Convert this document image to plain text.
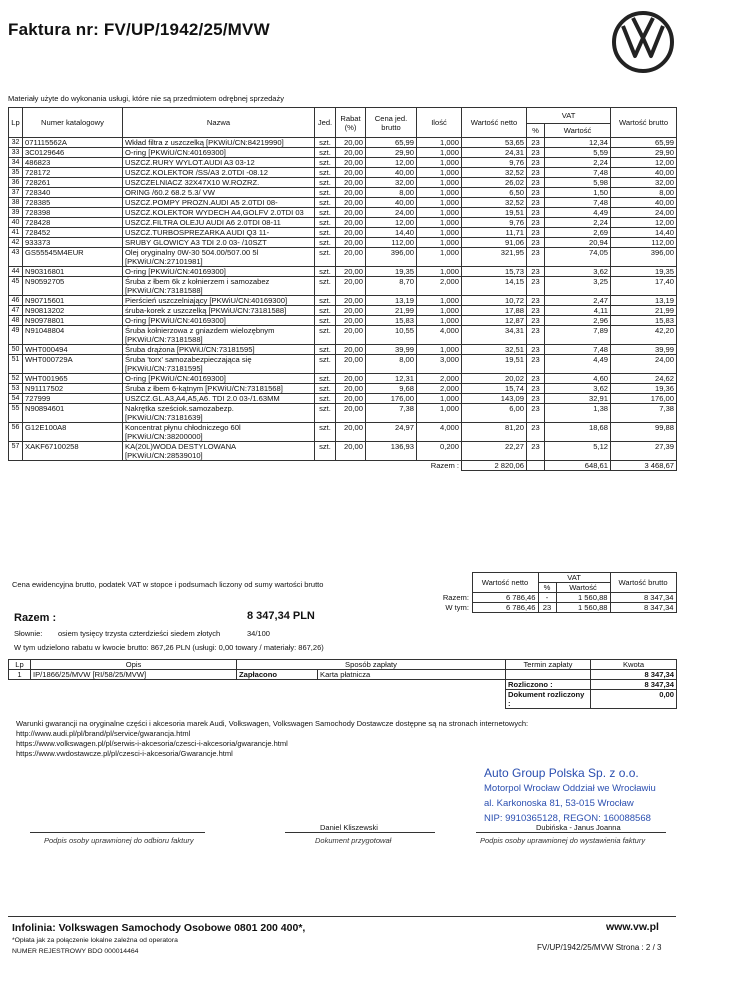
Faktura nr: FV/UP/1942/25/MVW
Materiały użyte do wykonania usługi, które nie są przedmiotem odrębnej sprzedaży
Lp	Numer katalogowy	Nazwa	Jed.	Rabat (%)	Cena jed. brutto	Ilość	Wartość netto	VAT		Wartość brutto
								%	Wartość	
32	071115562A	Wkład filtra z uszczelką [PKWiU/CN:84219990]	szt.	20,00	65,99	1,000	53,65	23	12,34	65,99
33	3C0129646	O-ring [PKWiU/CN:40169300]	szt.	20,00	29,90	1,000	24,31	23	5,59	29,90
34	486823	USZCZ.RURY WYLOT.AUDI A3 03-12	szt.	20,00	12,00	1,000	9,76	23	2,24	12,00
35	728172	USZCZ.KOLEKTOR /SS/A3 2.0TDI -08.12	szt.	20,00	40,00	1,000	32,52	23	7,48	40,00
36	728261	USZCZELNIACZ 32X47X10 W.ROZRZ.	szt.	20,00	32,00	1,000	26,02	23	5,98	32,00
37	728340	ORING /60.2 68.2 5.3/ VW	szt.	20,00	8,00	1,000	6,50	23	1,50	8,00
38	728385	USZCZ.POMPY PROZN.AUDI A5 2.0TDI 08-	szt.	20,00	40,00	1,000	32,52	23	7,48	40,00
39	728398	USZCZ.KOLEKTOR WYDECH A4,GOLFV 2.0TDI 03	szt.	20,00	24,00	1,000	19,51	23	4,49	24,00
40	728428	USZCZ.FILTRA OLEJU AUDI A6 2.0TDI 08-11	szt.	20,00	12,00	1,000	9,76	23	2,24	12,00
41	728452	USZCZ.TURBOSPREZARKA AUDI Q3 11-	szt.	20,00	14,40	1,000	11,71	23	2,69	14,40
42	933373	SRUBY GLOWICY A3 TDI 2.0 03- /10SZT	szt.	20,00	112,00	1,000	91,06	23	20,94	112,00
43	GS55545M4EUR	Olej oryginalny 0W-30 504.00/507.00 5l [PKWiU/CN:27101981]	szt.	20,00	396,00	1,000	321,95	23	74,05	396,00
44	N90316801	O-ring [PKWiU/CN:40169300]	szt.	20,00	19,35	1,000	15,73	23	3,62	19,35
45	N90592705	Śruba z łbem 6k z kołnierzem i samozabez [PKWiU/CN:73181588]	szt.	20,00	8,70	2,000	14,15	23	3,25	17,40
46	N90715601	Pierścień uszczelniający [PKWiU/CN:40169300]	szt.	20,00	13,19	1,000	10,72	23	2,47	13,19
47	N90813202	śruba-korek z uszczelką [PKWiU/CN:73181588]	szt.	20,00	21,99	1,000	17,88	23	4,11	21,99
48	N90978801	O-ring [PKWiU/CN:40169300]	szt.	20,00	15,83	1,000	12,87	23	2,96	15,83
49	N91048804	Śruba kołnierzowa z gniazdem wielozębnym [PKWiU/CN:73181588]	szt.	20,00	10,55	4,000	34,31	23	7,89	42,20
50	WHT000494	Śruba drążona [PKWiU/CN:73181595]	szt.	20,00	39,99	1,000	32,51	23	7,48	39,99
51	WHT000729A	Śruba 'torx' samozabezpieczająca się [PKWiU/CN:73181595]	szt.	20,00	8,00	3,000	19,51	23	4,49	24,00
52	WHT001965	O-ring [PKWiU/CN:40169300]	szt.	20,00	12,31	2,000	20,02	23	4,60	24,62
53	N91117502	Śruba z łbem 6-kątnym [PKWiU/CN:73181568]	szt.	20,00	9,68	2,000	15,74	23	3,62	19,36
54	727999	USZCZ.GL.A3,A4,A5,A6. TDI 2.0 03-/1.63MM	szt.	20,00	176,00	1,000	143,09	23	32,91	176,00
55	N90894601	Nakrętka sześciok.samozabezp. [PKWiU/CN:73181639]	szt.	20,00	7,38	1,000	6,00	23	1,38	7,38
56	G12E100A8	Koncentrat płynu chłodniczego 60l [PKWiU/CN:38200000]	szt.	20,00	24,97	4,000	81,20	23	18,68	99,88
57	XAKF67100258	KA(20L)WODA DESTYLOWANA [PKWiU/CN:28539010]	szt.	20,00	136,93	0,200	22,27	23	5,12	27,39
Razem :							2 820,06		648,61	3 468,67
Cena ewidencyjna brutto, podatek VAT w stopce i podsumach liczony od sumy wartości brutto
		Wartość netto	VAT		Wartość brutto
	%	Wartość	

Razem:	6 786,46	-	1 560,88	8 347,34

W tym:	6 786,46	23	1 560,88	8 347,34
Razem :	8 347,34 PLN
Słownie: osiem tysięcy trzysta czterdzieści siedem złotych	34/100
W tym udzielono rabatu w kwocie brutto: 867,26 PLN (usługi: 0,00 towary / materiały: 867,26)
Lp	Opis	Sposób zapłaty		Termin zapłaty	Kwota
1	IP/1866/25/MVW [RI/58/25/MVW]	Zapłacono	Karta płatnicza		8 347,34
				Rozliczono :	8 347,34
				Dokument rozliczony :	0,00
Warunki gwarancji na oryginalne części i akcesoria marek Audi, Volkswagen, Volkswagen Samochody Dostawcze dostępne są na stronach internetowych:
http://www.audi.pl/pl/brand/pl/service/gwarancja.html
https://www.volkswagen.pl/pl/serwis-i-akcesoria/czesci-i-akcesoria/gwarancje.html
https://www.vwdostawcze.pl/pl/czesci-i-akcesoria/Gwarancje.html
Auto Group Polska Sp. z o.o.
Motorpol Wrocław Oddział we Wrocławiu
al. Karkonoska 81, 53-015 Wrocław
NIP: 9910365128, REGON: 160088568
Podpis osoby uprawnionej do odbioru faktury
Daniel Kliszewski
Dokument przygotował
Dubińska - Janus Joanna
Podpis osoby uprawnionej do wystawienia faktury
Infolinia: Volkswagen Samochody Osobowe 0801 200 400*,	www.vw.pl
*Opłata jak za połączenie lokalne zależna od operatora
NUMER REJESTROWY BDO 000014464	FV/UP/1942/25/MVW Strona : 2 / 3
